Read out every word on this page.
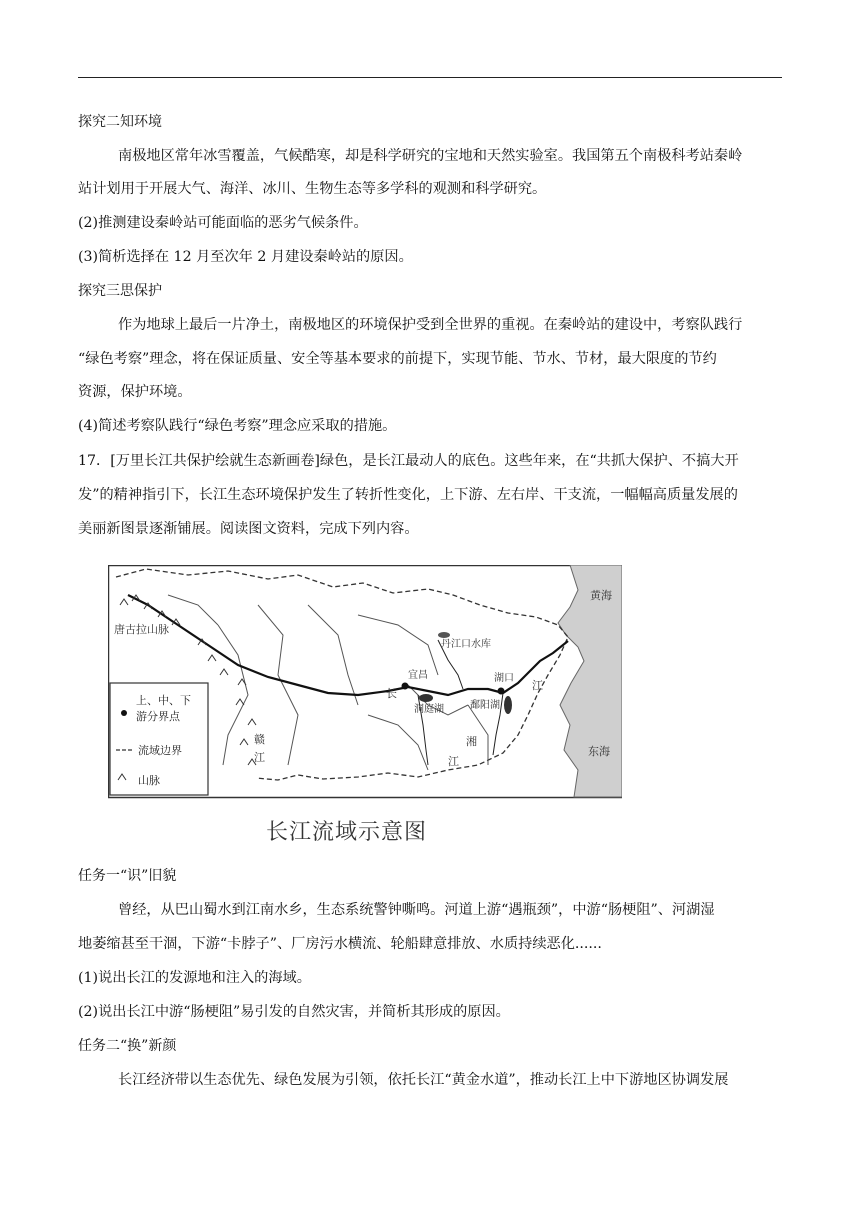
探究二知环境
南极地区常年冰雪覆盖，气候酷寒，却是科学研究的宝地和天然实验室。我国第五个南极科考站秦岭
站计划用于开展大气、海洋、冰川、生物生态等多学科的观测和科学研究。
(2)推测建设秦岭站可能面临的恶劣气候条件。
(3)简析选择在 12 月至次年 2 月建设秦岭站的原因。
探究三思保护
作为地球上最后一片净土，南极地区的环境保护受到全世界的重视。在秦岭站的建设中，考察队践行
“绿色考察”理念，将在保证质量、安全等基本要求的前提下，实现节能、节水、节材，最大限度的节约
资源，保护环境。
(4)简述考察队践行“绿色考察”理念应采取的措施。
17．[万里长江共保护绘就生态新画卷]绿色，是长江最动人的底色。这些年来，在“共抓大保护、不搞大开
发”的精神指引下，长江生态环境保护发生了转折性变化，上下游、左右岸、干支流，一幅幅高质量发展的
美丽新图景逐渐铺展。阅读图文资料，完成下列内容。
唐古拉山脉
黄海
东海
丹江口水库
宜昌	湖口
洞庭湖	鄱阳湖
长
江
湘
江
赣
江
上、中、下
游分界点
流域边界
山脉
长江流域示意图
任务一“识”旧貌
曾经，从巴山蜀水到江南水乡，生态系统警钟嘶鸣。河道上游“遇瓶颈”，中游“肠梗阻”、河湖湿
地萎缩甚至干涸，下游“卡脖子”、厂房污水横流、轮船肆意排放、水质持续恶化......
(1)说出长江的发源地和注入的海域。
(2)说出长江中游“肠梗阻”易引发的自然灾害，并简析其形成的原因。
任务二“换”新颜
长江经济带以生态优先、绿色发展为引领，依托长江“黄金水道”，推动长江上中下游地区协调发展
